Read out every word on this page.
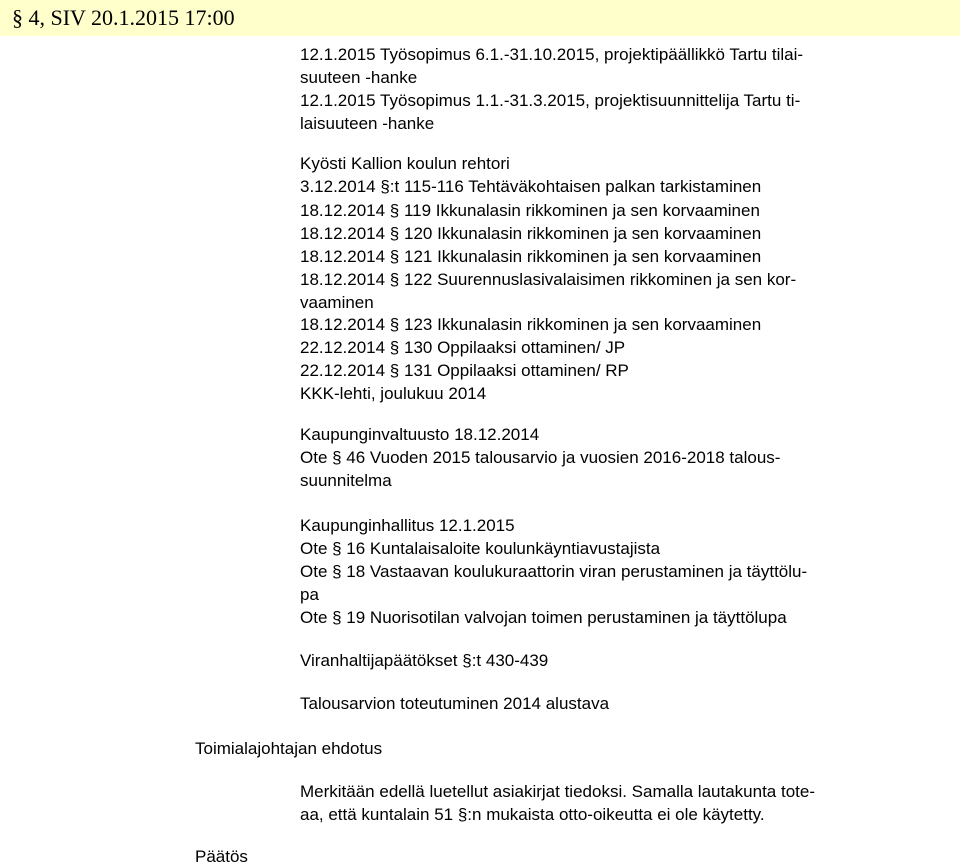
§ 4, SIV 20.1.2015 17:00
12.1.2015 Työsopimus 6.1.-31.10.2015, projektipäällikkö Tartu tilai-
suuteen -hanke
12.1.2015 Työsopimus 1.1.-31.3.2015, projektisuunnittelija Tartu ti-
laisuuteen -hanke
Kyösti Kallion koulun rehtori
3.12.2014 §:t 115-116 Tehtäväkohtaisen palkan tarkistaminen
18.12.2014 § 119 Ikkunalasin rikkominen ja sen korvaaminen
18.12.2014 § 120 Ikkunalasin rikkominen ja sen korvaaminen
18.12.2014 § 121 Ikkunalasin rikkominen ja sen korvaaminen
18.12.2014 § 122 Suurennuslasivalaisimen rikkominen ja sen kor-
vaaminen
18.12.2014 § 123 Ikkunalasin rikkominen ja sen korvaaminen
22.12.2014 § 130 Oppilaaksi ottaminen/ JP
22.12.2014 § 131 Oppilaaksi ottaminen/ RP
KKK-lehti, joulukuu 2014
Kaupunginvaltuusto 18.12.2014
Ote § 46 Vuoden 2015 talousarvio ja vuosien 2016-2018 talous-
suunnitelma
Kaupunginhallitus 12.1.2015
Ote § 16 Kuntalaisaloite koulunkäyntiavustajista
Ote § 18 Vastaavan koulukuraattorin viran perustaminen ja täyttölu-
pa
Ote § 19 Nuorisotilan valvojan toimen perustaminen ja täyttölupa
Viranhaltijapäätökset §:t 430-439
Talousarvion toteutuminen 2014 alustava
Toimialajohtajan ehdotus
Merkitään edellä luetellut asiakirjat tiedoksi. Samalla lautakunta tote-
aa, että kuntalain 51 §:n mukaista otto-oikeutta ei ole käytetty.
Päätös
